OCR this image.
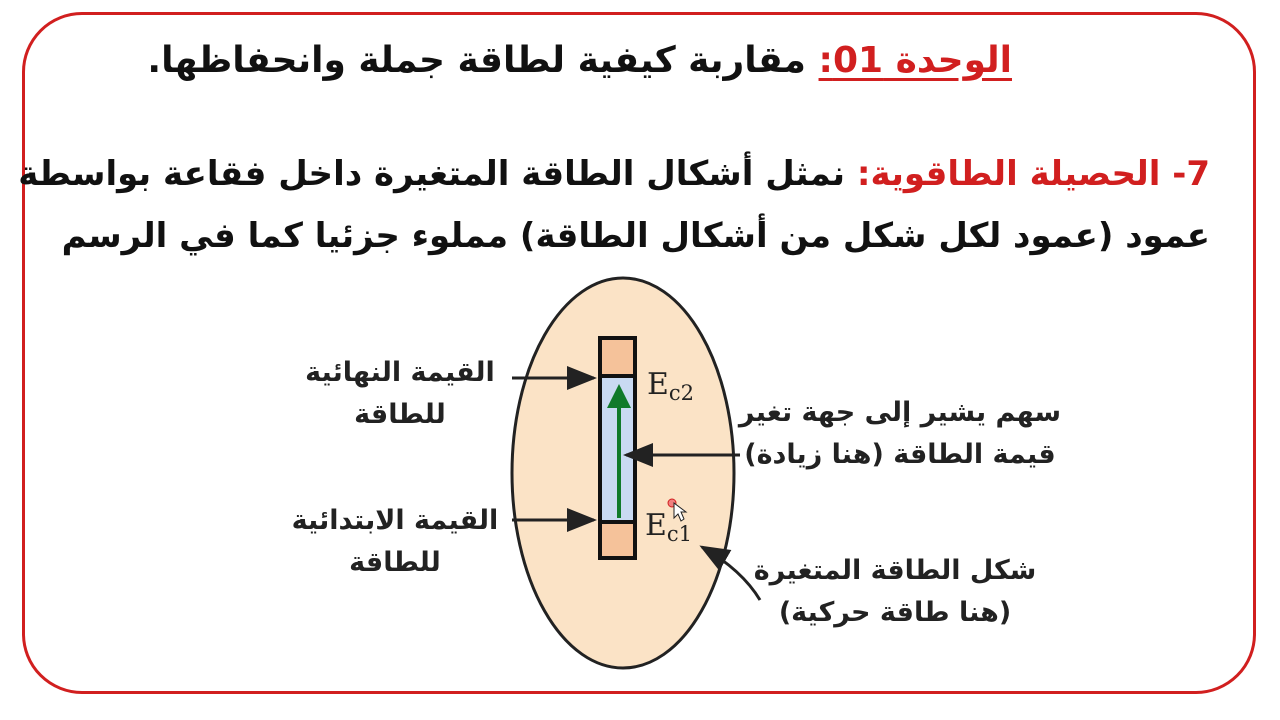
الوحدة 01: مقاربة كيفية لطاقة جملة وانحفاظها.
7- الحصيلة الطاقوية: نمثل أشكال الطاقة المتغيرة داخل فقاعة بواسطة
عمود (عمود لكل شكل من أشكال الطاقة) مملوء جزئيا كما في الرسم
$E_{c2}$
$E_{c1}$
القيمة النهائية
للطاقة
القيمة الابتدائية
للطاقة
سهم يشير إلى جهة تغير
قيمة الطاقة (هنا زيادة)
شكل الطاقة المتغيرة
(هنا طاقة حركية)
